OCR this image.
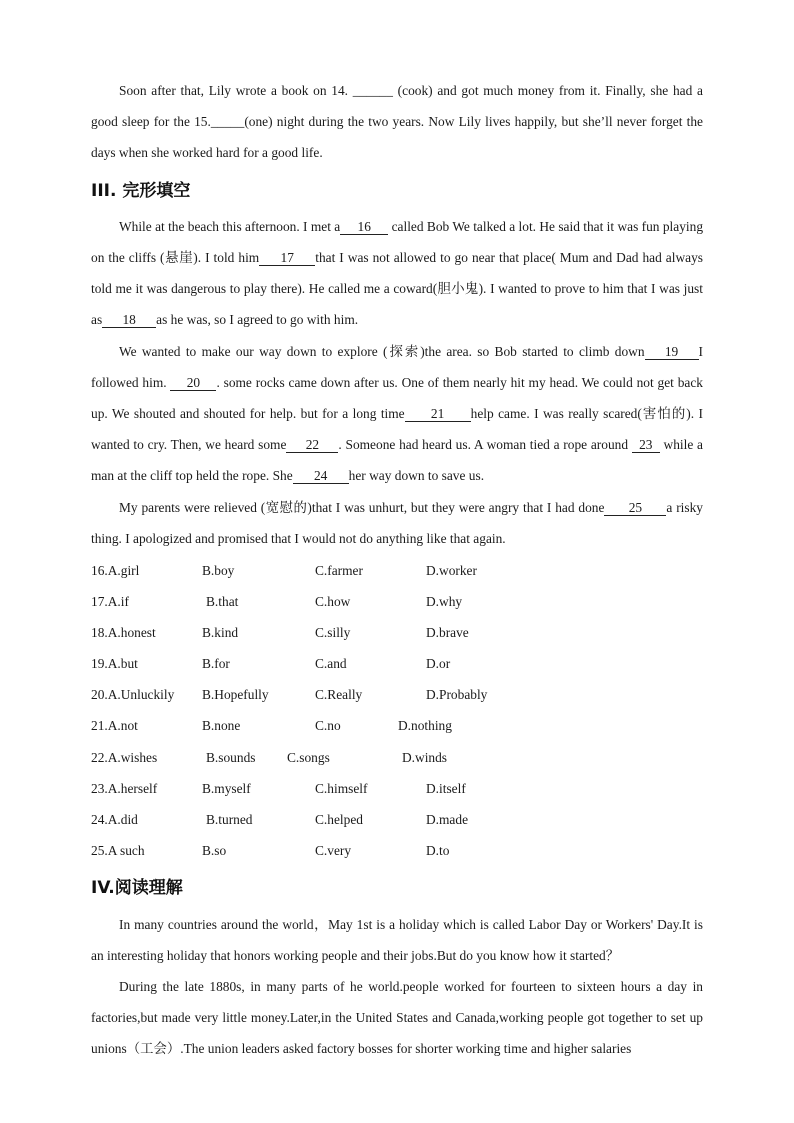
Soon after that, Lily wrote a book on 14. ______ (cook) and got much money from it. Finally, she had a good sleep for the 15._____(one) night during the two years. Now Lily lives happily, but she’ll never forget the days when she worked hard for a good life.
III. 完形填空
While at the beach this afternoon. I met a 16 called Bob We talked a lot. He said that it was fun playing on the cliffs (悬崖). I told him 17 that I was not allowed to go near that place( Mum and Dad had always told me it was dangerous to play there). He called me a coward(胆小鬼). I wanted to prove to him that I was just as 18 as he was, so I agreed to go with him.
We wanted to make our way down to explore (探索)the area. so Bob started to climb down 19 I followed him. 20 . some rocks came down after us. One of them nearly hit my head. We could not get back up. We shouted and shouted for help. but for a long time 21 help came. I was really scared(害怕的). I wanted to cry. Then, we heard some 22 . Someone had heard us. A woman tied a rope around 23 while a man at the cliff top held the rope. She 24 her way down to save us.
My parents were relieved (宽慰的)that I was unhurt, but they were angry that I had done 25 a risky thing. I apologized and promised that I would not do anything like that again.
16.A.girl	B.boy	C.farmer	D.worker
17.A.if	B.that	C.how	D.why
18.A.honest	B.kind	C.silly	D.brave
19.A.but	B.for	C.and	D.or
20.A.Unluckily B.Hopefully	C.Really	D.Probably
21.A.not	B.none	C.no	D.nothing
22.A.wishes	B.sounds C.songs	D.winds
23.A.herself	B.myself	C.himself	D.itself
24.A.did	B.turned	C.helped	D.made
25.A such	B.so	C.very	D.to
IV.阅读理解
In many countries around the world，May 1st is a holiday which is called Labor Day or Workers' Day.It is an interesting holiday that honors working people and their jobs.But do you know how it started？
During the late 1880s, in many parts of he world.people worked for fourteen to sixteen hours a day in factories,but made very little money.Later,in the United States and Canada,working people got together to set up unions（工会）.The union leaders asked factory bosses for shorter working time and higher salaries
